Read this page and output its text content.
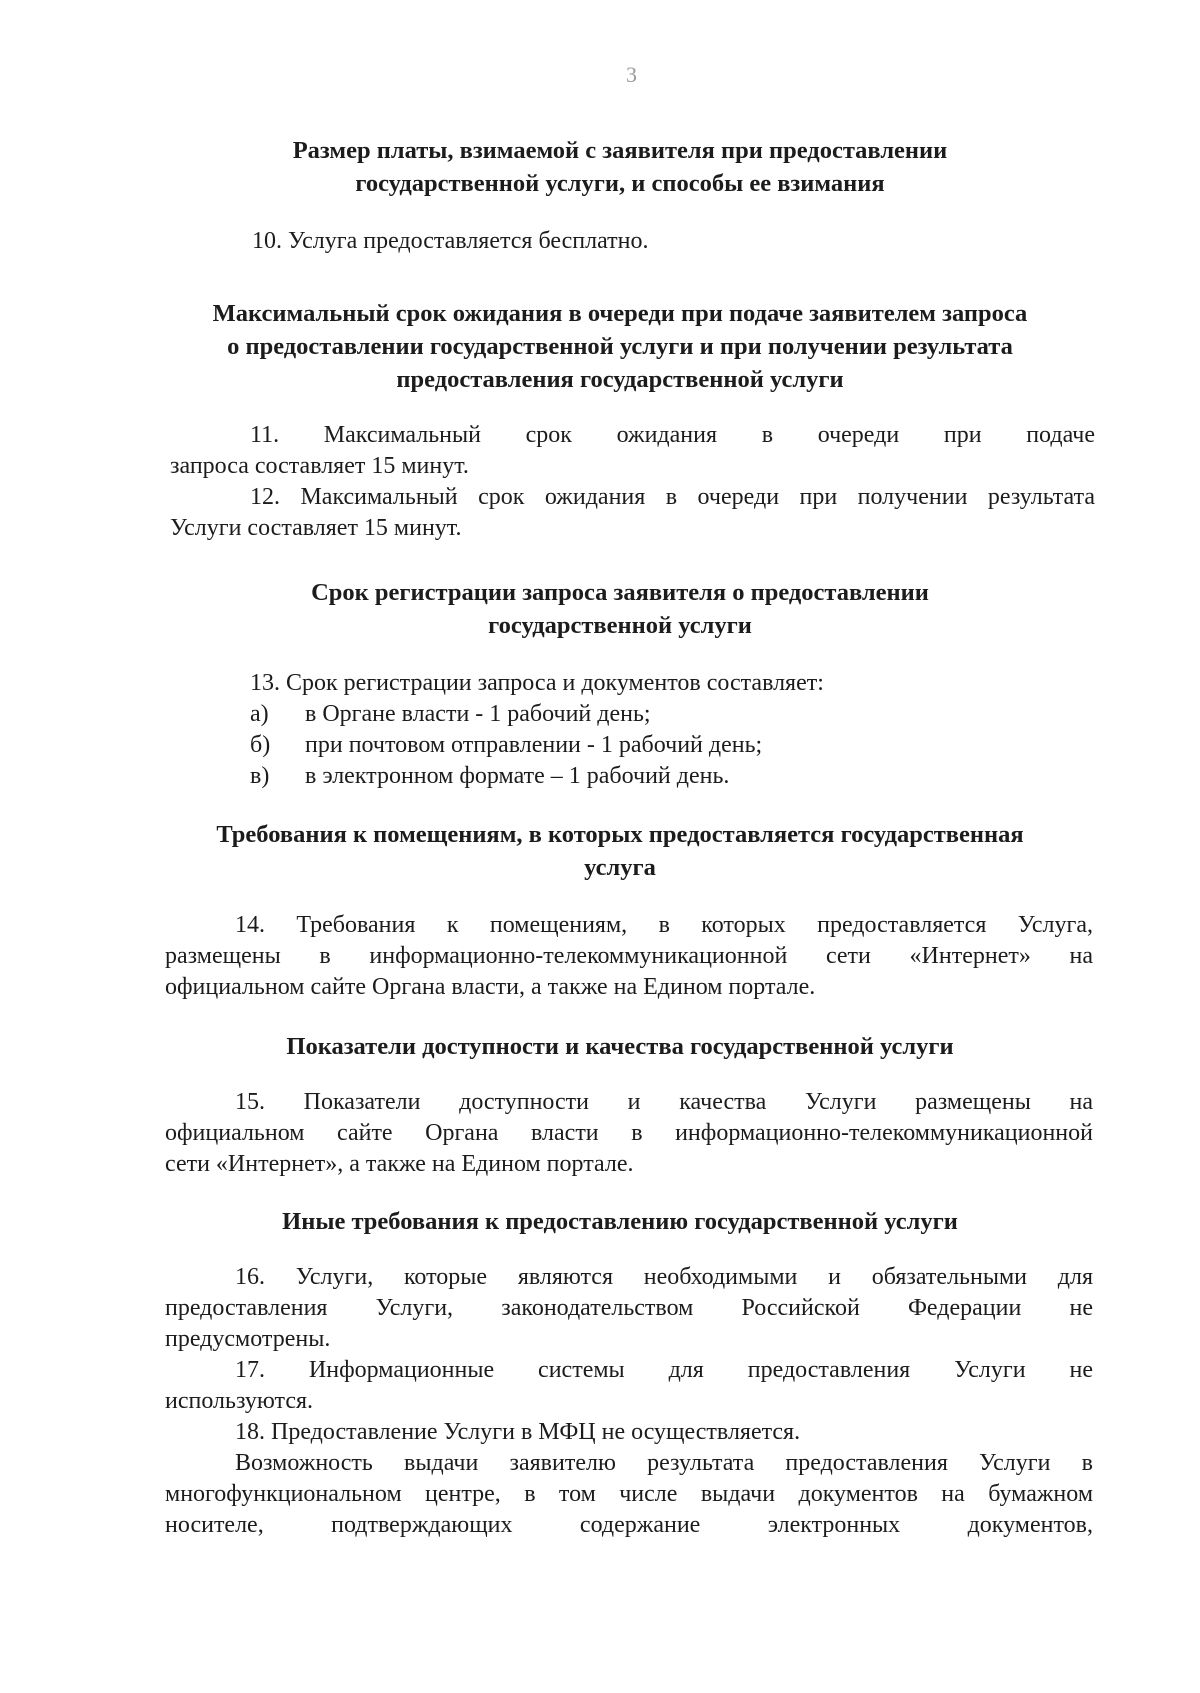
3
Размер платы, взимаемой с заявителя при предоставлении
государственной услуги, и способы ее взимания
10. Услуга предоставляется бесплатно.
Максимальный срок ожидания в очереди при подаче заявителем запроса
о предоставлении государственной услуги и при получении результата
предоставления государственной услуги
11. Максимальный срок ожидания в очереди при подаче
запроса составляет 15 минут.
12. Максимальный срок ожидания в очереди при получении результата
Услуги составляет 15 минут.
Срок регистрации запроса заявителя о предоставлении
государственной услуги
13. Срок регистрации запроса и документов составляет:
а) в Органе власти - 1 рабочий день;
б) при почтовом отправлении - 1 рабочий день;
в) в электронном формате – 1 рабочий день.
Требования к помещениям, в которых предоставляется государственная
услуга
14. Требования к помещениям, в которых предоставляется Услуга,
размещены в информационно-телекоммуникационной сети «Интернет» на
официальном сайте Органа власти, а также на Едином портале.
Показатели доступности и качества государственной услуги
15. Показатели доступности и качества Услуги размещены на
официальном сайте Органа власти в информационно-телекоммуникационной
сети «Интернет», а также на Едином портале.
Иные требования к предоставлению государственной услуги
16. Услуги, которые являются необходимыми и обязательными для
предоставления Услуги, законодательством Российской Федерации не
предусмотрены.
17. Информационные системы для предоставления Услуги не
используются.
18. Предоставление Услуги в МФЦ не осуществляется.
Возможность выдачи заявителю результата предоставления Услуги в
многофункциональном центре, в том числе выдачи документов на бумажном
носителе, подтверждающих содержание электронных документов,
